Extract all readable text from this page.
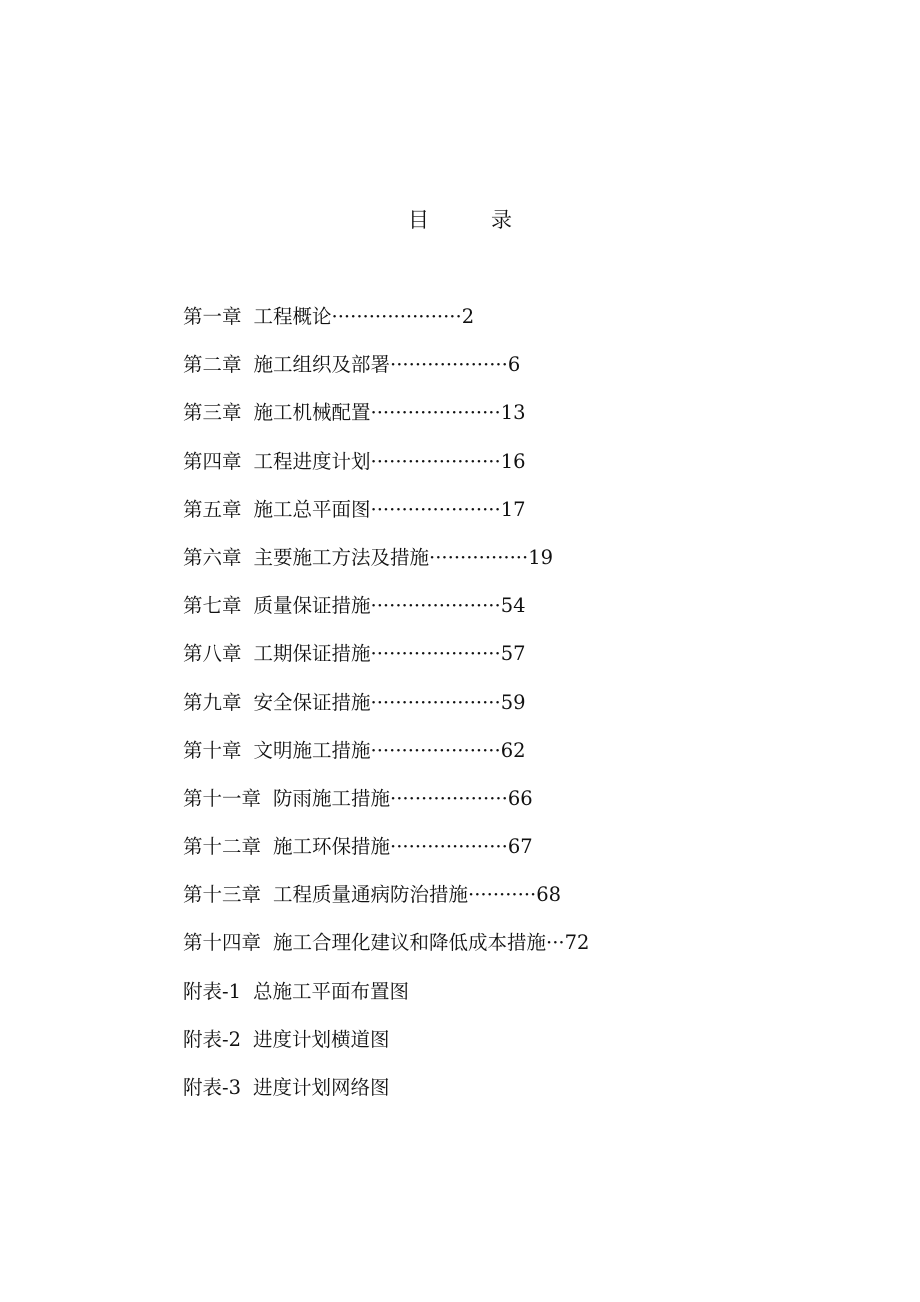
目	录
第一章 工程概论 ····················· 2
第二章 施工组织及部署 ··················· 6
第三章 施工机械配置 ····················· 13
第四章 工程进度计划 ····················· 16
第五章 施工总平面图 ····················· 17
第六章 主要施工方法及措施 ················ 19
第七章 质量保证措施 ····················· 54
第八章 工期保证措施 ····················· 57
第九章 安全保证措施 ····················· 59
第十章 文明施工措施 ····················· 62
第十一章 防雨施工措施 ··················· 66
第十二章 施工环保措施 ··················· 67
第十三章 工程质量通病防治措施 ··········· 68
第十四章 施工合理化建议和降低成本措施 ··· 72
附表-1 总施工平面布置图
附表-2 进度计划横道图
附表-3 进度计划网络图
